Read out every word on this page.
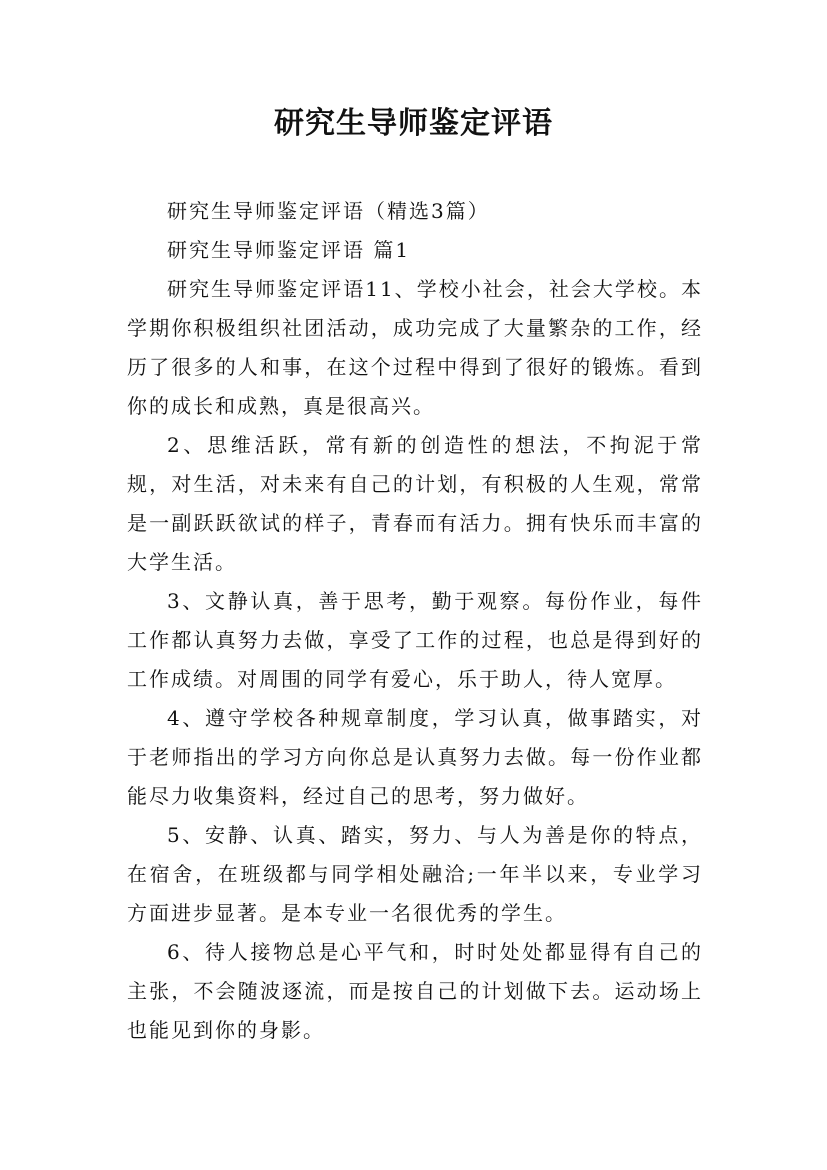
研究生导师鉴定评语

研究生导师鉴定评语（精选3篇）

研究生导师鉴定评语 篇1

研究生导师鉴定评语11、学校小社会，社会大学校。本学期你积极组织社团活动，成功完成了大量繁杂的工作，经历了很多的人和事，在这个过程中得到了很好的锻炼。看到你的成长和成熟，真是很高兴。

2、思维活跃，常有新的创造性的想法，不拘泥于常规，对生活，对未来有自己的计划，有积极的人生观，常常是一副跃跃欲试的样子，青春而有活力。拥有快乐而丰富的大学生活。

3、文静认真，善于思考，勤于观察。每份作业，每件工作都认真努力去做，享受了工作的过程，也总是得到好的工作成绩。对周围的同学有爱心，乐于助人，待人宽厚。

4、遵守学校各种规章制度，学习认真，做事踏实，对于老师指出的学习方向你总是认真努力去做。每一份作业都能尽力收集资料，经过自己的思考，努力做好。

5、安静、认真、踏实，努力、与人为善是你的特点，在宿舍，在班级都与同学相处融洽;一年半以来，专业学习方面进步显著。是本专业一名很优秀的学生。

6、待人接物总是心平气和，时时处处都显得有自己的主张，不会随波逐流，而是按自己的计划做下去。运动场上也能见到你的身影。
